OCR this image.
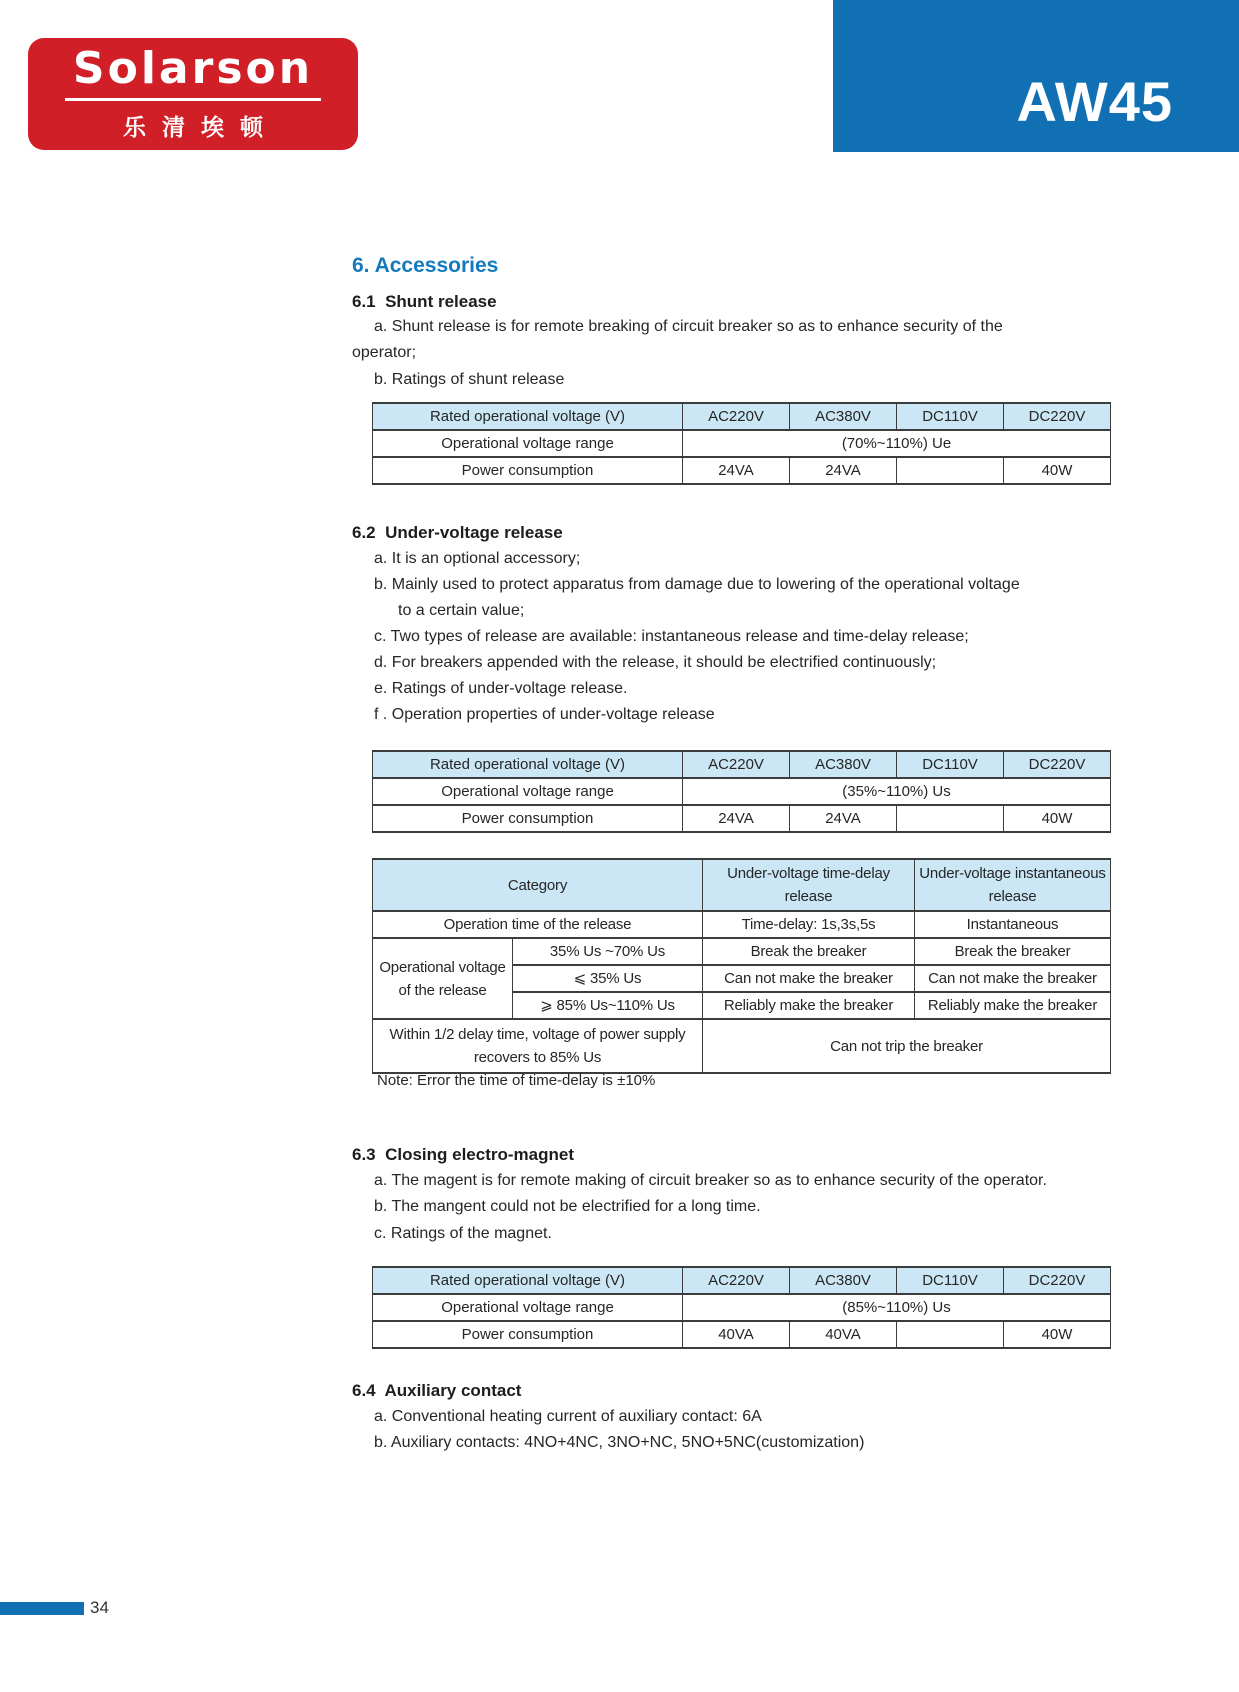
Solarson
乐清埃顿	AW45
6. Accessories
6.1  Shunt release
a. Shunt release is for remote breaking of circuit breaker so as to enhance security of the
operator;
b. Ratings of shunt release
Rated operational voltage (V)	AC220V	AC380V	DC110V	DC220V
Operational voltage range	(70%~110%) Ue			
Power consumption	24VA	24VA		40W
6.2  Under-voltage release
a. It is an optional accessory;
b. Mainly used to protect apparatus from damage due to lowering of the operational voltage
to a certain value;
c. Two types of release are available: instantaneous release and time-delay release;
d. For breakers appended with the release, it should be electrified continuously;
e. Ratings of under-voltage release.
f . Operation properties of under-voltage release
Rated operational voltage (V)	AC220V	AC380V	DC110V	DC220V
Operational voltage range	(35%~110%) Us			
Power consumption	24VA	24VA		40W
Category		Under-voltage time-delay release	Under-voltage instantaneous release
Operation time of the release		Time-delay: 1s,3s,5s	Instantaneous
Operational voltage of the release	35% Us ~70% Us	Break the breaker	Break the breaker
	⩽ 35% Us	Can not make the breaker	Can not make the breaker
	⩾ 85% Us~110% Us	Reliably make the breaker	Reliably make the breaker
Within 1/2 delay time, voltage of power supply recovers to 85% Us		Can not trip the breaker	
Note: Error the time of time-delay is ±10%
6.3  Closing electro-magnet
a. The magent is for remote making of circuit breaker so as to enhance security of the operator.
b. The mangent could not be electrified for a long time.
c. Ratings of the magnet.
Rated operational voltage (V)	AC220V	AC380V	DC110V	DC220V
Operational voltage range	(85%~110%) Us			
Power consumption	40VA	40VA		40W
6.4  Auxiliary contact
a. Conventional heating current of auxiliary contact: 6A
b. Auxiliary contacts: 4NO+4NC, 3NO+NC, 5NO+5NC(customization)
34
